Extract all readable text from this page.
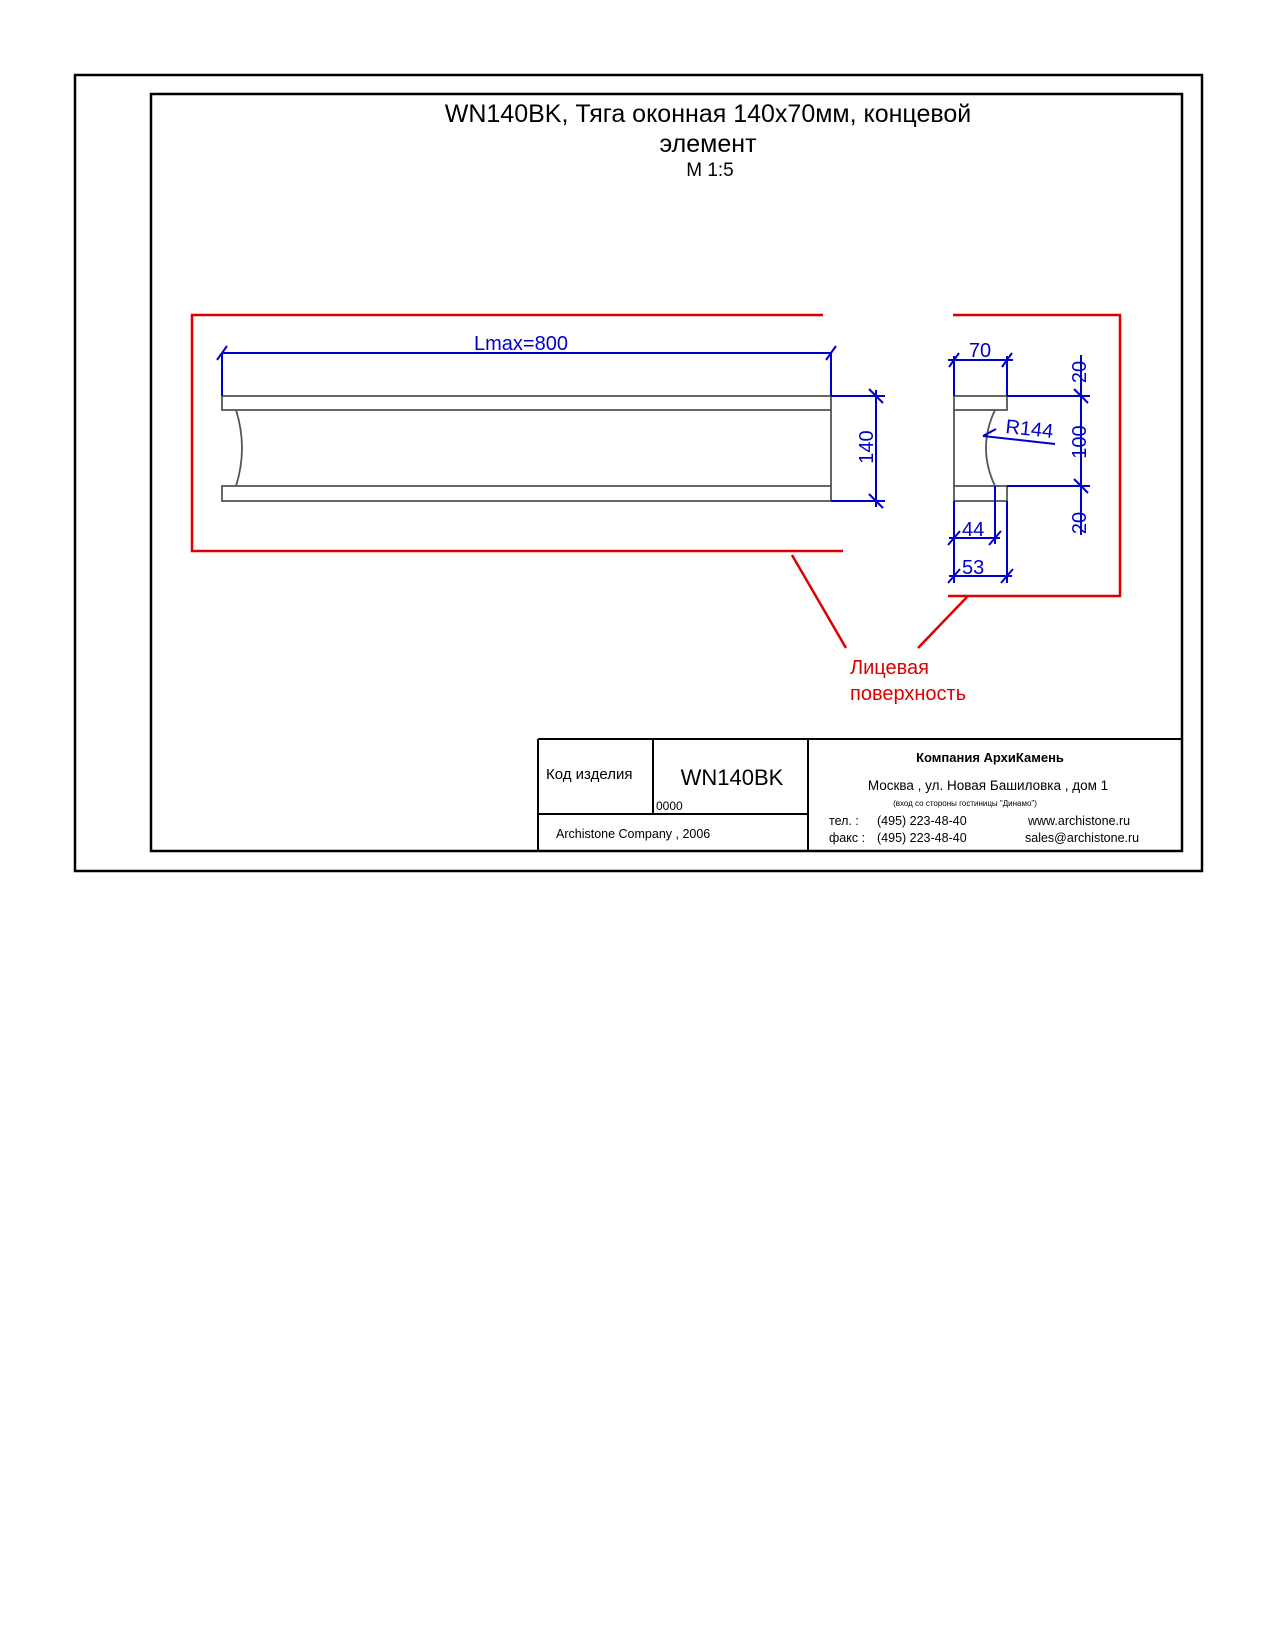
WN140BK, Тяга оконная 140х70мм, концевой
элемент
М 1:5
Лицевая
поверхность
Lmax=800
140
70
20
100
20
R144
44
53
Код изделия WN140BK
0000
Archistone Company , 2006
Компания АрхиКамень
Москва , ул. Новая Башиловка , дом 1
(вход со стороны гостиницы "Динамо")
тел. : (495) 223-48-40
факс : (495) 223-48-40
www.archistone.ru
sales@archistone.ru
